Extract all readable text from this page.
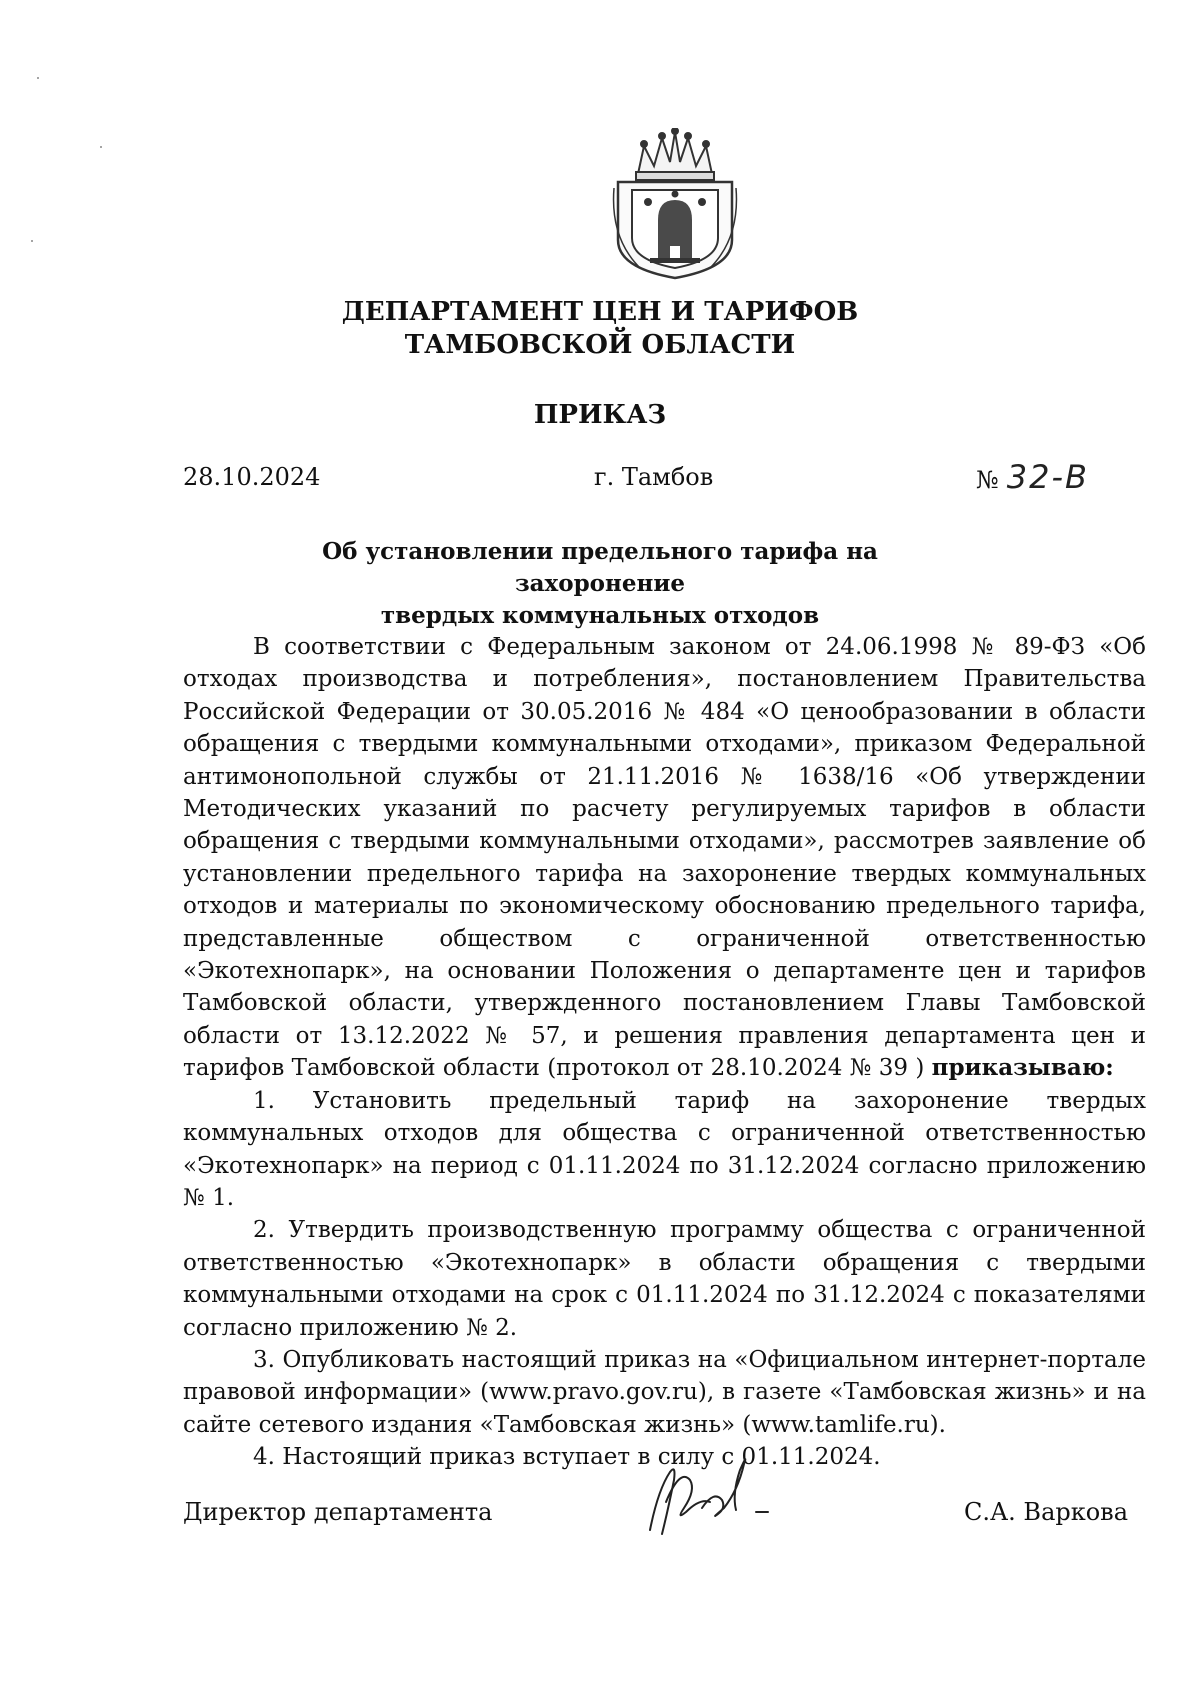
ДЕПАРТАМЕНТ ЦЕН И ТАРИФОВ
ТАМБОВСКОЙ ОБЛАСТИ
ПРИКАЗ
28.10.2024	г. Тамбов	№ 32-В
Об установлении предельного тарифа на захоронение
твердых коммунальных отходов

В соответствии с Федеральным законом от 24.06.1998 № 89-ФЗ «Об отходах производства и потребления», постановлением Правительства Российской Федерации от 30.05.2016 № 484 «О ценообразовании в области обращения с твердыми коммунальными отходами», приказом Федеральной антимонопольной службы от 21.11.2016 № 1638/16 «Об утверждении Методических указаний по расчету регулируемых тарифов в области обращения с твердыми коммунальными отходами», рассмотрев заявление об установлении предельного тарифа на захоронение твердых коммунальных отходов и материалы по экономическому обоснованию предельного тарифа, представленные обществом с ограниченной ответственностью «Экотехнопарк», на основании Положения о департаменте цен и тарифов Тамбовской области, утвержденного постановлением Главы Тамбовской области от 13.12.2022 № 57, и решения правления департамента цен и тарифов Тамбовской области (протокол от 28.10.2024 № 39 ) приказываю:

1. Установить предельный тариф на захоронение твердых коммунальных отходов для общества с ограниченной ответственностью «Экотехнопарк» на период с 01.11.2024 по 31.12.2024 согласно приложению № 1.

2. Утвердить производственную программу общества с ограниченной ответственностью «Экотехнопарк» в области обращения с твердыми коммунальными отходами на срок с 01.11.2024 по 31.12.2024 с показателями согласно приложению № 2.

3. Опубликовать настоящий приказ на «Официальном интернет-портале правовой информации» (www.pravo.gov.ru), в газете «Тамбовская жизнь» и на сайте сетевого издания «Тамбовская жизнь» (www.tamlife.ru).

4. Настоящий приказ вступает в силу с 01.11.2024.

Директор департамента	С.А. Варкова
